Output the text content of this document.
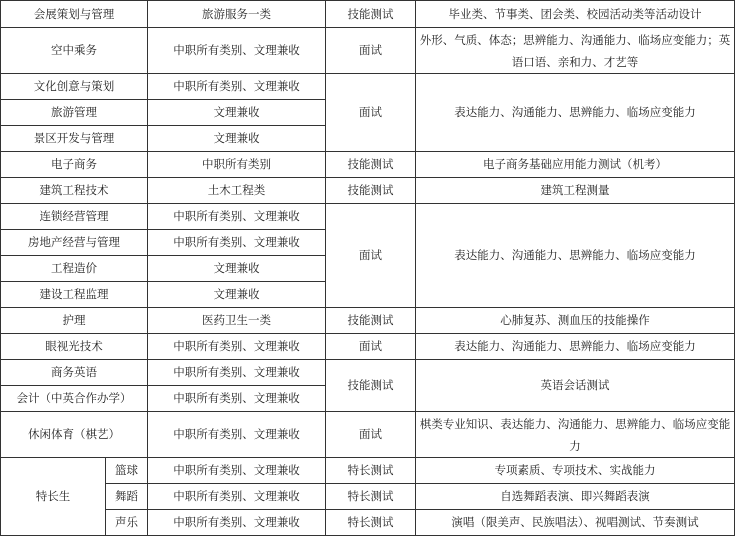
会展策划与管理		旅游服务一类	技能测试	毕业类、节事类、团会类、校园活动类等活动设计
空中乘务		中职所有类别、文理兼收	面试	外形、气质、体态；思辨能力、沟通能力、临场应变能力；英语口语、亲和力、才艺等
文化创意与策划		中职所有类别、文理兼收	面试	表达能力、沟通能力、思辨能力、临场应变能力
旅游管理		文理兼收		
景区开发与管理		文理兼收		
电子商务		中职所有类别	技能测试	电子商务基础应用能力测试（机考）
建筑工程技术		土木工程类	技能测试	建筑工程测量
连锁经营管理		中职所有类别、文理兼收	面试	表达能力、沟通能力、思辨能力、临场应变能力
房地产经营与管理		中职所有类别、文理兼收		
工程造价		文理兼收		
建设工程监理		文理兼收		
护理		医药卫生一类	技能测试	心肺复苏、测血压的技能操作
眼视光技术		中职所有类别、文理兼收	面试	表达能力、沟通能力、思辨能力、临场应变能力
商务英语		中职所有类别、文理兼收	技能测试	英语会话测试
会计（中英合作办学）		中职所有类别、文理兼收		
休闲体育（棋艺）		中职所有类别、文理兼收	面试	棋类专业知识、表达能力、沟通能力、思辨能力、临场应变能力
特长生	篮球	中职所有类别、文理兼收	特长测试	专项素质、专项技术、实战能力
	舞蹈	中职所有类别、文理兼收	特长测试	自选舞蹈表演、即兴舞蹈表演
	声乐	中职所有类别、文理兼收	特长测试	演唱（限美声、民族唱法）、视唱测试、节奏测试
